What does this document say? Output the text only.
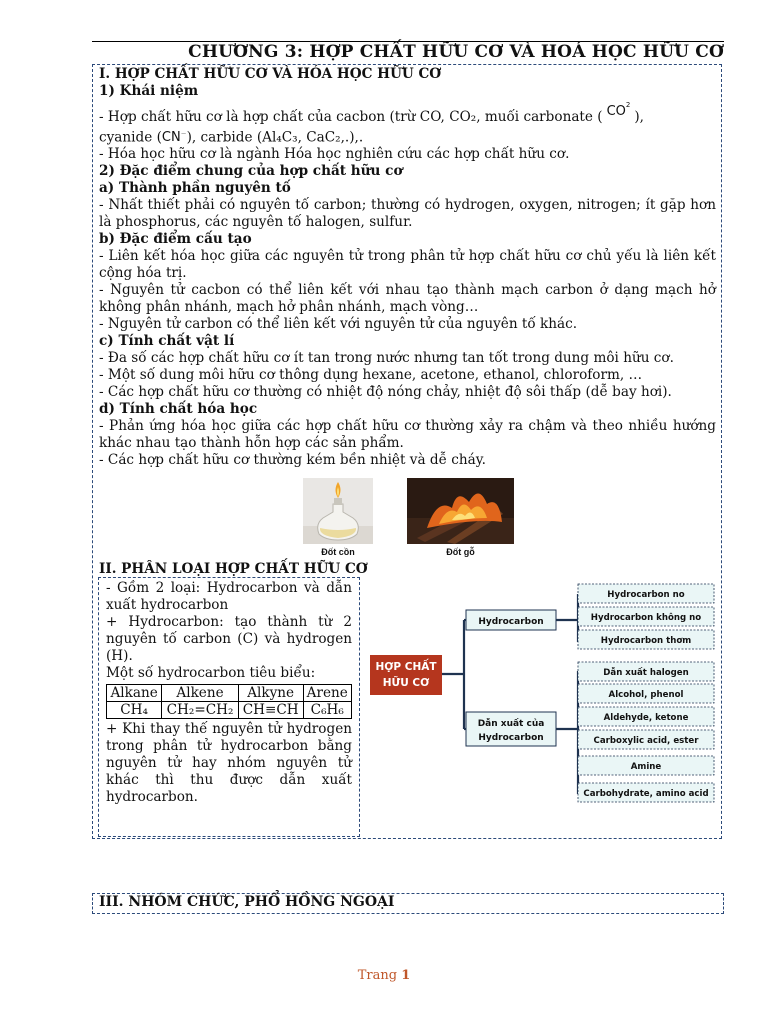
CHƯƠNG 3: HỢP CHẤT HỮU CƠ VÀ HOÁ HỌC HỮU CƠ

I. HỢP CHẤT HỮU CƠ VÀ HÓA HỌC HỮU CƠ

1) Khái niệm

- Hợp chất hữu cơ là hợp chất của cacbon (trừ CO, CO₂, muối carbonate ( $CO^2$),

cyanide (CN−), carbide (Al₄C₃, CaC₂,.),.

- Hóa học hữu cơ là ngành Hóa học nghiên cứu các hợp chất hữu cơ.

2) Đặc điểm chung của hợp chất hữu cơ

a) Thành phần nguyên tố

- Nhất thiết phải có nguyên tố carbon; thường có hydrogen, oxygen, nitrogen; ít gặp hơn là phosphorus, các nguyên tố halogen, sulfur.

b) Đặc điểm cấu tạo

- Liên kết hóa học giữa các nguyên tử trong phân tử hợp chất hữu cơ chủ yếu là liên kết cộng hóa trị.

- Nguyên tử cacbon có thể liên kết với nhau tạo thành mạch carbon ở dạng mạch hở không phân nhánh, mạch hở phân nhánh, mạch vòng…

- Nguyên tử carbon có thể liên kết với nguyên tử của nguyên tố khác.

c) Tính chất vật lí

- Đa số các hợp chất hữu cơ ít tan trong nước nhưng tan tốt trong dung môi hữu cơ.

- Một số dung môi hữu cơ thông dụng hexane, acetone, ethanol, chloroform, …

- Các hợp chất hữu cơ thường có nhiệt độ nóng chảy, nhiệt độ sôi thấp (dễ bay hơi).

d) Tính chất hóa học

- Phản ứng hóa học giữa các hợp chất hữu cơ thường xảy ra chậm và theo nhiều hướng khác nhau tạo thành hỗn hợp các sản phẩm.

- Các hợp chất hữu cơ thường kém bền nhiệt và dễ cháy.

Đốt cồn	Đốt gỗ
II. PHÂN LOẠI HỢP CHẤT HỮU CƠ

- Gồm 2 loại: Hydrocarbon và dẫn xuất hydrocarbon

+ Hydrocarbon: tạo thành từ 2 nguyên tố carbon (C) và hydrogen (H).

Một số hydrocarbon tiêu biểu:

Alkane	Alkene	Alkyne	Arene
CH₄	CH₂=CH₂	CH≡CH	C₆H₆

+ Khi thay thế nguyên tử hydrogen trong phân tử hydrocarbon bằng nguyên tử hay nhóm nguyên tử khác thì thu được dẫn xuất hydrocarbon.

HỢP CHẤT
HỮU CƠ
Hydrocarbon
Dẫn xuất của
Hydrocarbon
Hydrocarbon no
Hydrocarbon không no
Hydrocarbon thơm
Dẫn xuất halogen
Alcohol, phenol
Aldehyde, ketone
Carboxylic acid, ester
Amine
Carbohydrate, amino acid
III. NHÓM CHỨC, PHỔ HỒNG NGOẠI
Trang 1
